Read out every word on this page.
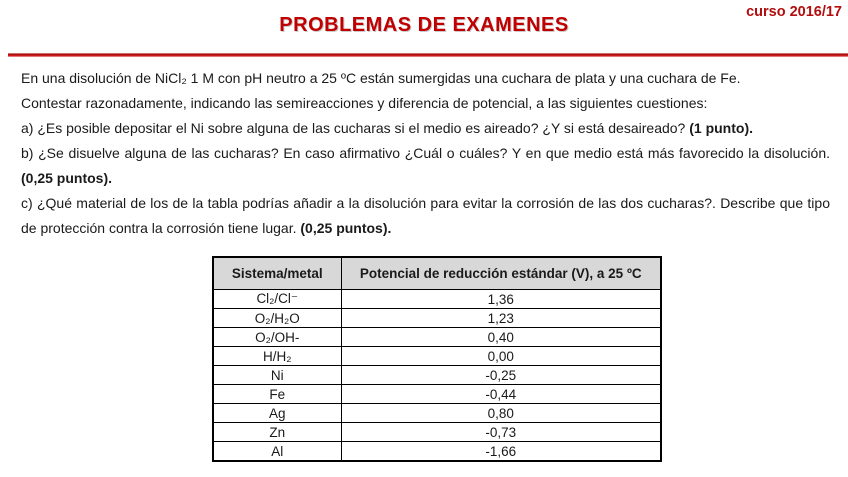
curso 2016/17
PROBLEMAS DE EXAMENES

En una disolución de NiCl₂ 1 M con pH neutro a 25 ºC están sumergidas una cuchara de plata y una cuchara de Fe.

Contestar razonadamente, indicando las semireacciones y diferencia de potencial, a las siguientes cuestiones:

a) ¿Es posible depositar el Ni sobre alguna de las cucharas si el medio es aireado? ¿Y si está desaireado? (1 punto).

b) ¿Se disuelve alguna de las cucharas? En caso afirmativo ¿Cuál o cuáles? Y en que medio está más favorecido la disolución. (0,25 puntos).

c) ¿Qué material de los de la tabla podrías añadir a la disolución para evitar la corrosión de las dos cucharas?. Describe que tipo de protección contra la corrosión tiene lugar. (0,25 puntos).

Sistema/metal	Potencial de reducción estándar (V), a 25 ºC
Cl₂/Cl⁻	1,36
O₂/H₂O	1,23
O₂/OH-	0,40
H/H₂	0,00
Ni	-0,25
Fe	-0,44
Ag	0,80
Zn	-0,73
Al	-1,66
